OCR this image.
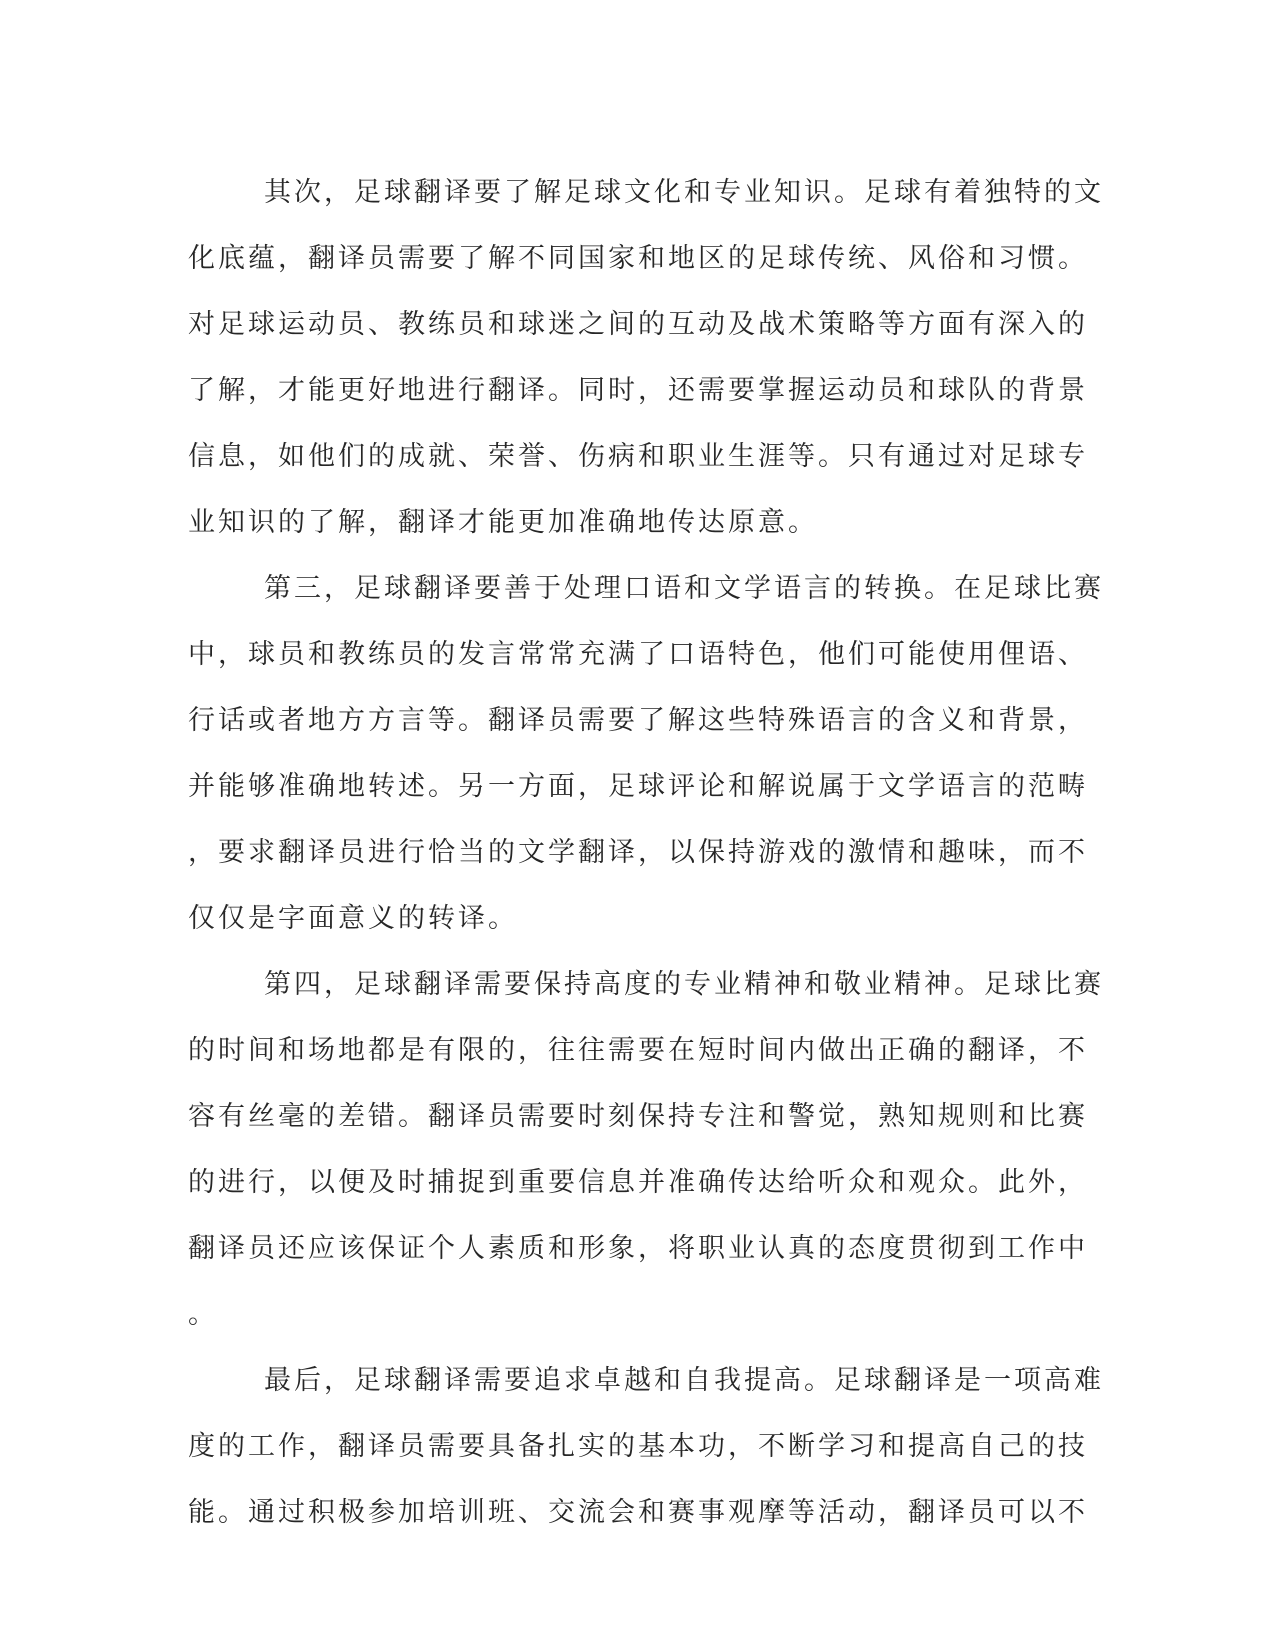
其次，足球翻译要了解足球文化和专业知识。足球有着独特的文
化底蕴，翻译员需要了解不同国家和地区的足球传统、风俗和习惯。
对足球运动员、教练员和球迷之间的互动及战术策略等方面有深入的
了解，才能更好地进行翻译。同时，还需要掌握运动员和球队的背景
信息，如他们的成就、荣誉、伤病和职业生涯等。只有通过对足球专
业知识的了解，翻译才能更加准确地传达原意。
第三，足球翻译要善于处理口语和文学语言的转换。在足球比赛
中，球员和教练员的发言常常充满了口语特色，他们可能使用俚语、
行话或者地方方言等。翻译员需要了解这些特殊语言的含义和背景，
并能够准确地转述。另一方面，足球评论和解说属于文学语言的范畴
，要求翻译员进行恰当的文学翻译，以保持游戏的激情和趣味，而不
仅仅是字面意义的转译。
第四，足球翻译需要保持高度的专业精神和敬业精神。足球比赛
的时间和场地都是有限的，往往需要在短时间内做出正确的翻译，不
容有丝毫的差错。翻译员需要时刻保持专注和警觉，熟知规则和比赛
的进行，以便及时捕捉到重要信息并准确传达给听众和观众。此外，
翻译员还应该保证个人素质和形象，将职业认真的态度贯彻到工作中
。
最后，足球翻译需要追求卓越和自我提高。足球翻译是一项高难
度的工作，翻译员需要具备扎实的基本功，不断学习和提高自己的技
能。通过积极参加培训班、交流会和赛事观摩等活动，翻译员可以不
